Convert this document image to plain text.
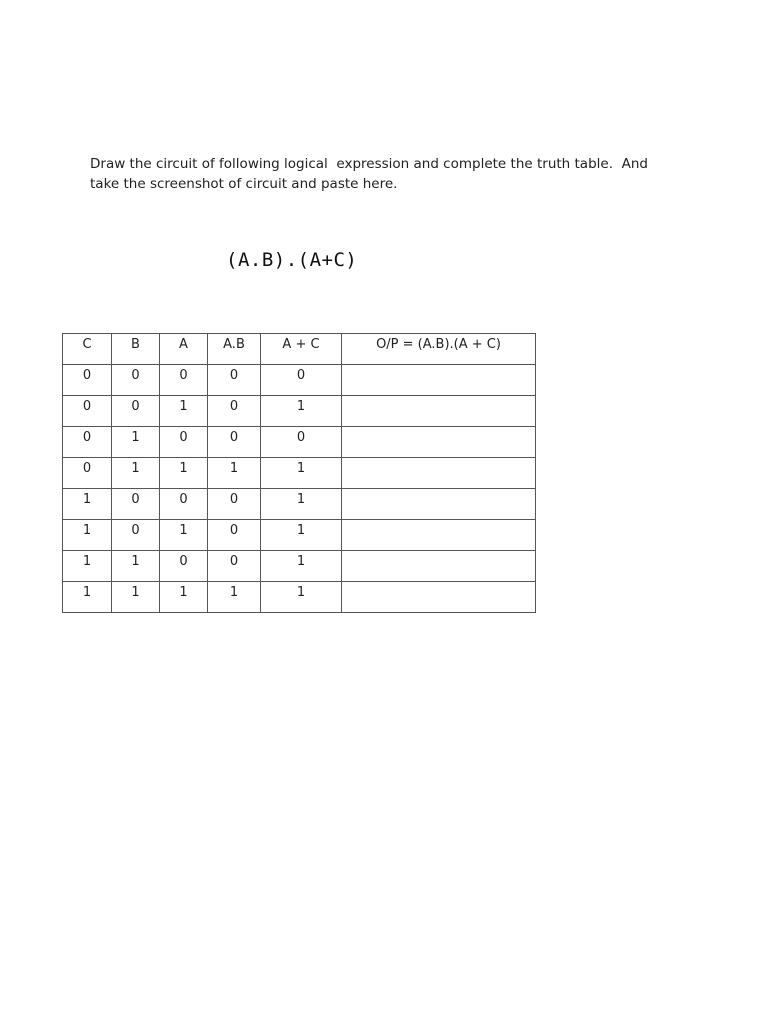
Draw the circuit of following logical  expression and complete the truth table.  And

take the screenshot of circuit and paste here.

(A.B).(A+C)
C	B	A	A.B	A + C	O/P = (A.B).(A + C)
0	0	0	0	0	
0	0	1	0	1	
0	1	0	0	0	
0	1	1	1	1	
1	0	0	0	1	
1	0	1	0	1	
1	1	0	0	1	
1	1	1	1	1	
